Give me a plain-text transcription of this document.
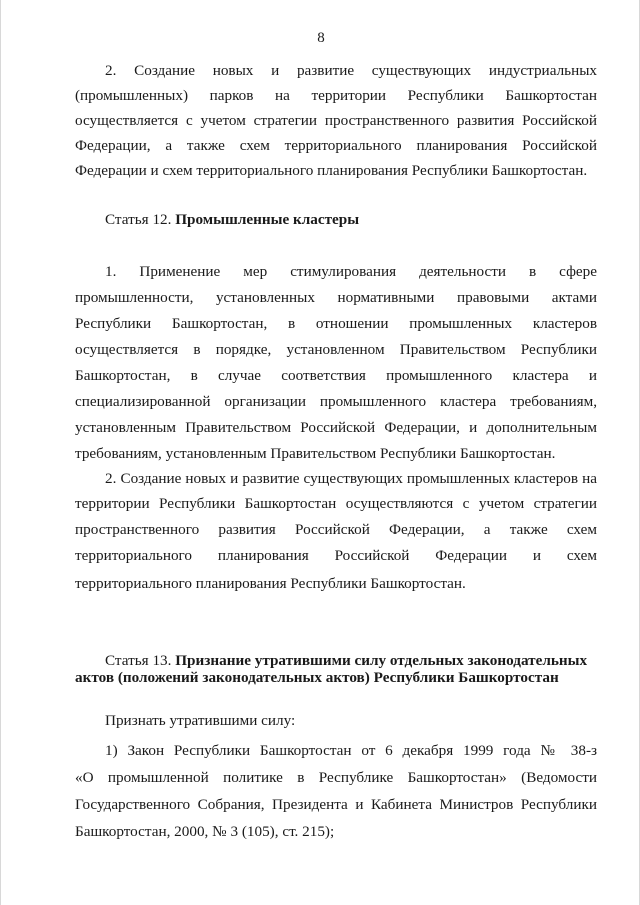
8
2. Создание новых и развитие существующих индустриальных
(промышленных) парков на территории Республики Башкортостан
осуществляется с учетом стратегии пространственного развития Российской
Федерации, а также схем территориального планирования Российской
Федерации и схем территориального планирования Республики Башкортостан.
Статья 12. Промышленные кластеры
1. Применение мер стимулирования деятельности в сфере
промышленности, установленных нормативными правовыми актами
Республики Башкортостан, в отношении промышленных кластеров
осуществляется в порядке, установленном Правительством Республики
Башкортостан, в случае соответствия промышленного кластера и
специализированной организации промышленного кластера требованиям,
установленным Правительством Российской Федерации, и дополнительным
требованиям, установленным Правительством Республики Башкортостан.
2. Создание новых и развитие существующих промышленных кластеров на
территории Республики Башкортостан осуществляются с учетом стратегии
пространственного развития Российской Федерации, а также схем
территориального планирования Российской Федерации и схем
территориального планирования Республики Башкортостан.
Статья 13. Признание утратившими силу отдельных законодательных
актов (положений законодательных актов) Республики Башкортостан
Признать утратившими силу:
1) Закон Республики Башкортостан от 6 декабря 1999 года № 38-з
«О промышленной политике в Республике Башкортостан» (Ведомости
Государственного Собрания, Президента и Кабинета Министров Республики
Башкортостан, 2000, № 3 (105), ст. 215);
